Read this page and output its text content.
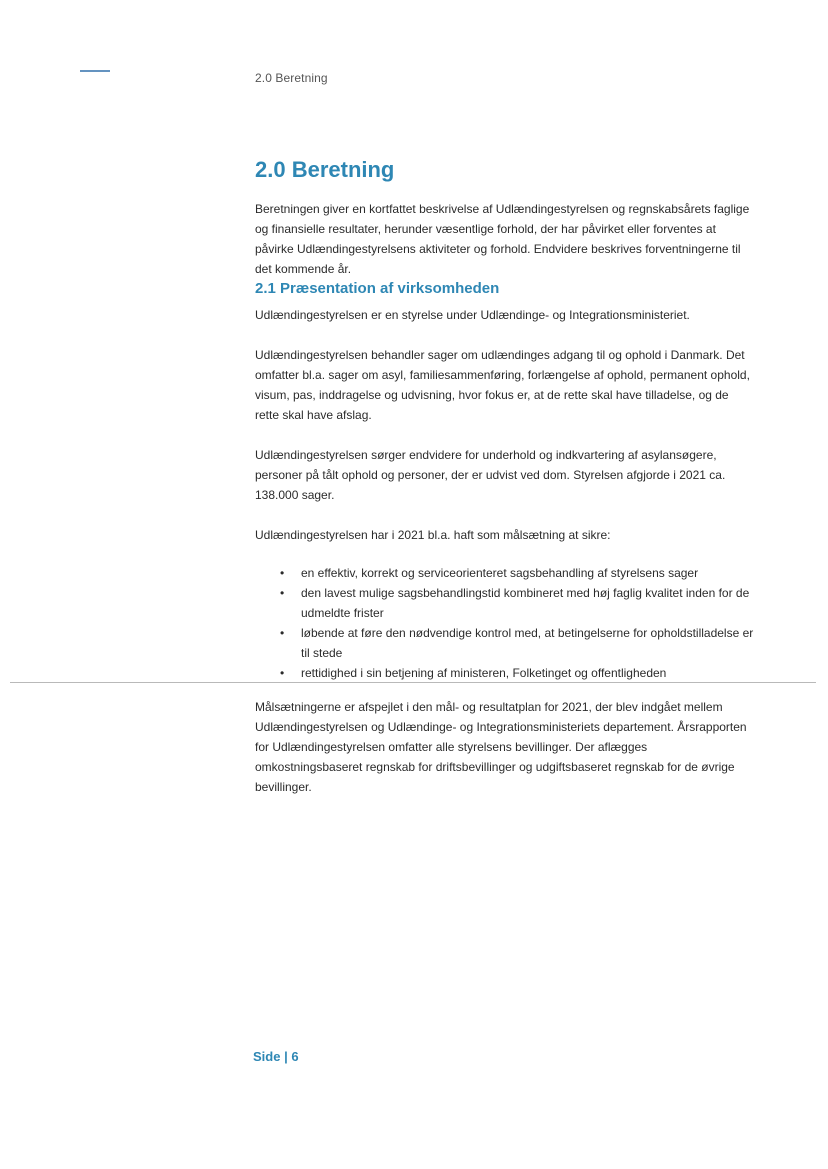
2.0 Beretning
2.0 Beretning

Beretningen giver en kortfattet beskrivelse af Udlændingestyrelsen og regnskabsårets faglige og finansielle resultater, herunder væsentlige forhold, der har påvirket eller forventes at påvirke Udlændingestyrelsens aktiviteter og forhold. Endvidere beskrives forventningerne til det kommende år.

2.1 Præsentation af virksomheden

Udlændingestyrelsen er en styrelse under Udlændinge- og Integrationsministeriet.

Udlændingestyrelsen behandler sager om udlændinges adgang til og ophold i Danmark. Det omfatter bl.a. sager om asyl, familiesammenføring, forlængelse af ophold, permanent ophold, visum, pas, inddragelse og udvisning, hvor fokus er, at de rette skal have tilladelse, og de rette skal have afslag.

Udlændingestyrelsen sørger endvidere for underhold og indkvartering af asylansøgere, personer på tålt ophold og personer, der er udvist ved dom. Styrelsen afgjorde i 2021 ca. 138.000 sager.

Udlændingestyrelsen har i 2021 bl.a. haft som målsætning at sikre:

• en effektiv, korrekt og serviceorienteret sagsbehandling af styrelsens sager
• den lavest mulige sagsbehandlingstid kombineret med høj faglig kvalitet inden for de udmeldte frister
• løbende at føre den nødvendige kontrol med, at betingelserne for opholdstilladelse er til stede
• rettidighed i sin betjening af ministeren, Folketinget og offentligheden

Målsætningerne er afspejlet i den mål- og resultatplan for 2021, der blev indgået mellem Udlændingestyrelsen og Udlændinge- og Integrationsministeriets departement. Årsrapporten for Udlændingestyrelsen omfatter alle styrelsens bevillinger. Der aflægges omkostningsbaseret regnskab for driftsbevillinger og udgiftsbaseret regnskab for de øvrige bevillinger.

Side | 6
